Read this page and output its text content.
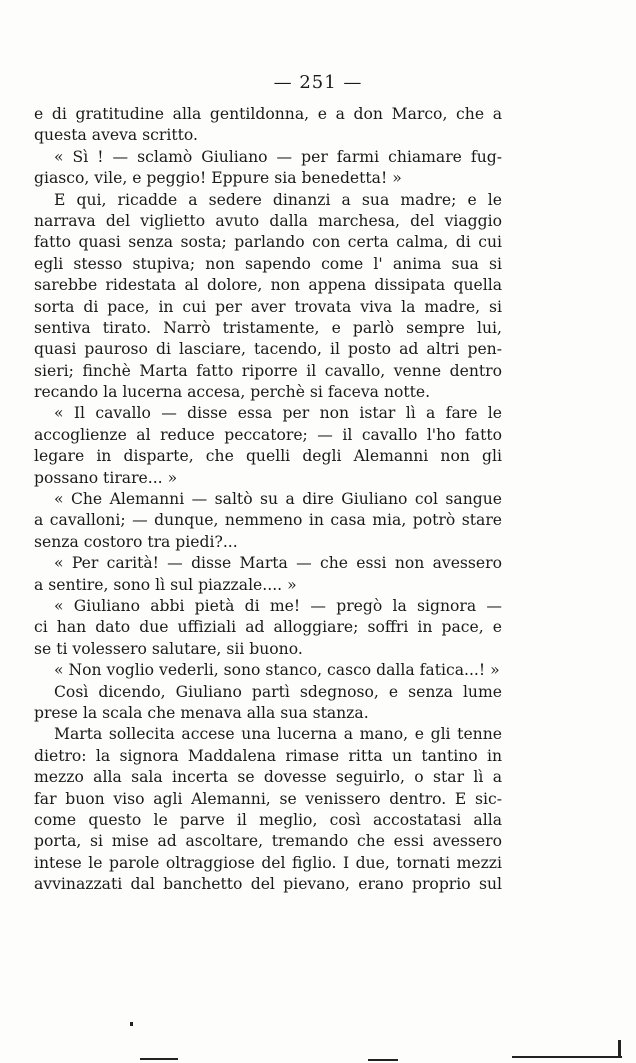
— 251 —
e di gratitudine alla gentildonna, e a don Marco, che a
questa aveva scritto.
« Sì ! — sclamò Giuliano — per farmi chiamare fug-
giasco, vile, e peggio! Eppure sia benedetta! »
E qui, ricadde a sedere dinanzi a sua madre; e le
narrava del viglietto avuto dalla marchesa, del viaggio
fatto quasi senza sosta; parlando con certa calma, di cui
egli stesso stupiva; non sapendo come l' anima sua si
sarebbe ridestata al dolore, non appena dissipata quella
sorta di pace, in cui per aver trovata viva la madre, si
sentiva tirato. Narrò tristamente, e parlò sempre lui,
quasi pauroso di lasciare, tacendo, il posto ad altri pen-
sieri; finchè Marta fatto riporre il cavallo, venne dentro
recando la lucerna accesa, perchè si faceva notte.
« Il cavallo — disse essa per non istar lì a fare le
accoglienze al reduce peccatore; — il cavallo l'ho fatto
legare in disparte, che quelli degli Alemanni non gli
possano tirare... »
« Che Alemanni — saltò su a dire Giuliano col sangue
a cavalloni; — dunque, nemmeno in casa mia, potrò stare
senza costoro tra piedi?...
« Per carità! — disse Marta — che essi non avessero
a sentire, sono lì sul piazzale.... »
« Giuliano abbi pietà di me! — pregò la signora —
ci han dato due uffiziali ad alloggiare; soffri in pace, e
se ti volessero salutare, sii buono.
« Non voglio vederli, sono stanco, casco dalla fatica...! »
Così dicendo, Giuliano partì sdegnoso, e senza lume
prese la scala che menava alla sua stanza.
Marta sollecita accese una lucerna a mano, e gli tenne
dietro: la signora Maddalena rimase ritta un tantino in
mezzo alla sala incerta se dovesse seguirlo, o star lì a
far buon viso agli Alemanni, se venissero dentro. E sic-
come questo le parve il meglio, così accostatasi alla
porta, si mise ad ascoltare, tremando che essi avessero
intese le parole oltraggiose del figlio. I due, tornati mezzi
avvinazzati dal banchetto del pievano, erano proprio sul
